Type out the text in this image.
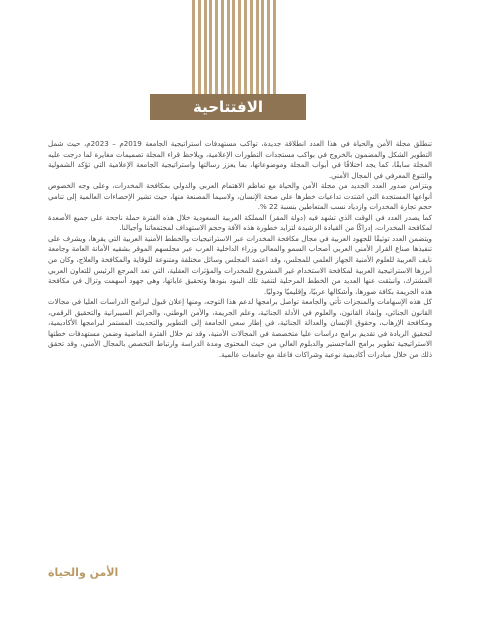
الافتتاحية

تنطلق مجلة الأمن والحياة في هذا العدد انطلاقة جديدة، تواكب مستهدفات استراتيجية الجامعة 2019م – 2023م، حيث شمل التطوير الشكل والمضمون بالخروج في بواكب مستجدات التطورات الإعلامية، ويلاحظ قراء المجلة تصميمات مغايرة لما درجت عليه المجلة سابقًا، كما يجد اختلافًا في أبواب المجلة وموضوعاتها، بما يعزز رسالتها واستراتيجية الجامعة الإعلامية التي تؤكد الشمولية والتنوع المعرفي في المجال الأمني.

ويتزامن صدور العدد الجديد من مجلة الأمن والحياة مع تعاظم الاهتمام العربي والدولي بمكافحة المخدرات، وعلى وجه الخصوص أنواعها المستجدة التي اشتدت تداعيات خطرها على صحة الإنسان، ولاسيما المصنعة منها، حيث تشير الإحصاءات العالمية إلى تنامي حجم تجارة المخدرات وازدياد نسب المتعاطين بنسبة 22 %.

كما يصدر العدد في الوقت الذي تشهد فيه (دولة المقر) المملكة العربية السعودية خلال هذه الفترة حملة ناجحة على جميع الأصعدة لمكافحة المخدرات، إدراكًا من القيادة الرشيدة لتزايد خطورة هذه الآفة وحجم الاستهداف لمجتمعاتنا وأجيالنا.

ويتضمن العدد توثيقًا للجهود العربية في مجال مكافحة المخدرات عبر الاستراتيجيات والخطط الأمنية العربية التي يقرها، ويشرف على تنفيذها صناع القرار الأمني العربي أصحاب السمو والمعالي وزراء الداخلية العرب عبر مجلسهم الموقر بشقيه الأمانة العامة وجامعة نايف العربية للعلوم الأمنية الجهاز العلمي للمجلس، وقد اعتمد المجلس وسائل مختلفة ومتنوعة للوقاية والمكافحة والعلاج، وكان من أبرزها الاستراتيجية العربية لمكافحة الاستخدام غير المشروع للمخدرات والمؤثرات العقلية، التي تعد المرجع الرئيس للتعاون العربي المشترك، وانبثقت عنها العديد من الخطط المرحلية لتنفيذ تلك البنود بنودها وتحقيق غاياتها، وهي جهود أسهمت وتزال في مكافحة هذه الجريمة بكافة صورها، وأشكالها عربيًا، وإقليميًا ودوليًا.

كل هذه الإسهامات والمنجزات تأتي والجامعة تواصل برامجها لدعم هذا التوجه، ومنها إعلان قبول لبرامج الدراسات العليا في مجالات القانون الجنائي، وإنفاذ القانون، والعلوم في الأدلة الجنائية، وعلم الجريمة، والأمن الوطني، والجرائم السيبرانية والتحقيق الرقمي، ومكافحة الإرهاب، وحقوق الإنسان والعدالة الجنائية، في إطار سعي الجامعة إلى التطوير والتحديث المستمر لبرامجها الأكاديمية، لتحقيق الريادة في تقديم برامج دراسات عليا متخصصة في المجالات الأمنية، وقد تم خلال الفترة الماضية وضمن مستهدفات خطتها الاستراتيجية تطوير برامج الماجستير والدبلوم العالي من حيث المحتوى ومدة الدراسة وارتباط التخصص بالمجال الأمني، وقد تحقق ذلك من خلال مبادرات أكاديمية نوعية وشراكات فاعلة مع جامعات عالمية.

الأمن والحياة
